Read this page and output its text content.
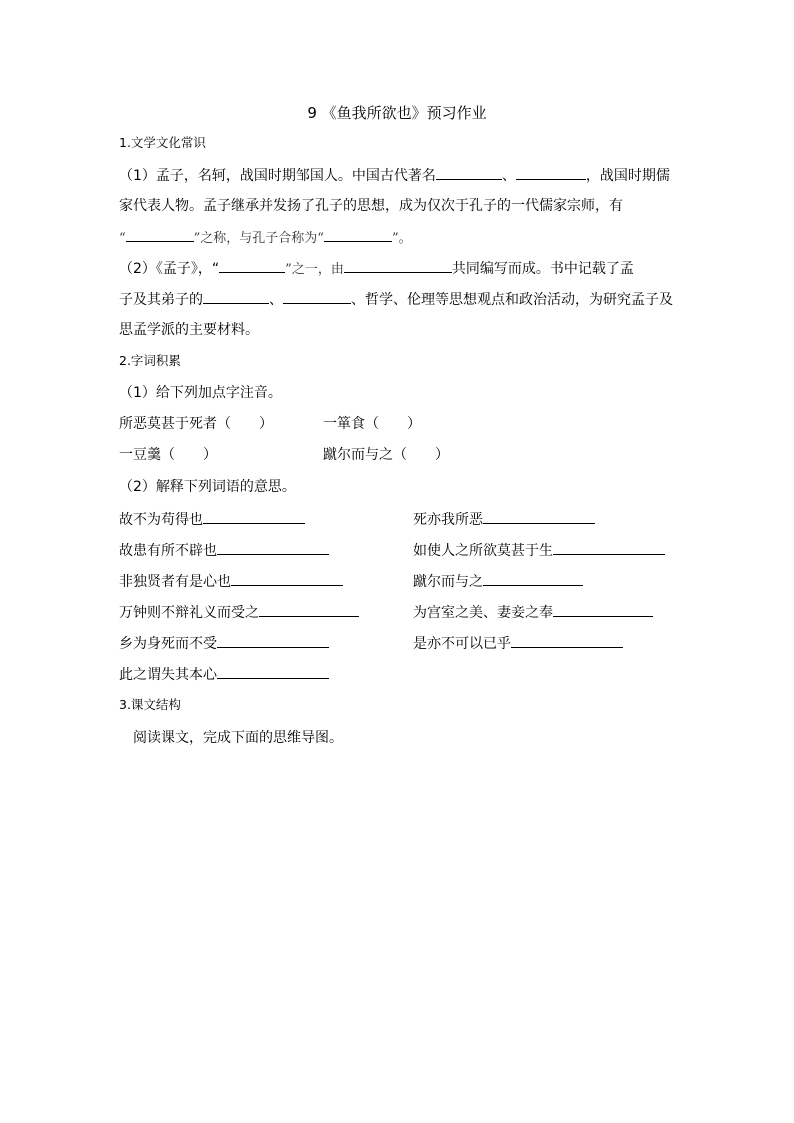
9 《鱼我所欲也》预习作业
1.文学文化常识
（1）孟子，名轲，战国时期邹国人。中国古代著名	、	，战国时期儒
家代表人物。孟子继承并发扬了孔子的思想，成为仅次于孔子的一代儒家宗师，有
“	”之称，与孔子合称为“	”。
（2）《孟子》，“	”之一，由	共同编写而成。书中记载了孟
子及其弟子的	、	、哲学、伦理等思想观点和政治活动，为研究孟子及
思孟学派的主要材料。
2.字词积累
（1）给下列加点字注音。
所恶莫甚于死者（　　）	一箪食（　　）
一豆羹（　　）	蹴尔而与之（　　）
（2）解释下列词语的意思。
故不为苟得也	死亦我所恶
故患有所不辟也	如使人之所欲莫甚于生
非独贤者有是心也	蹴尔而与之
万钟则不辩礼义而受之	为宫室之美、妻妾之奉
乡为身死而不受	是亦不可以已乎
此之谓失其本心
3.课文结构
阅读课文，完成下面的思维导图。
